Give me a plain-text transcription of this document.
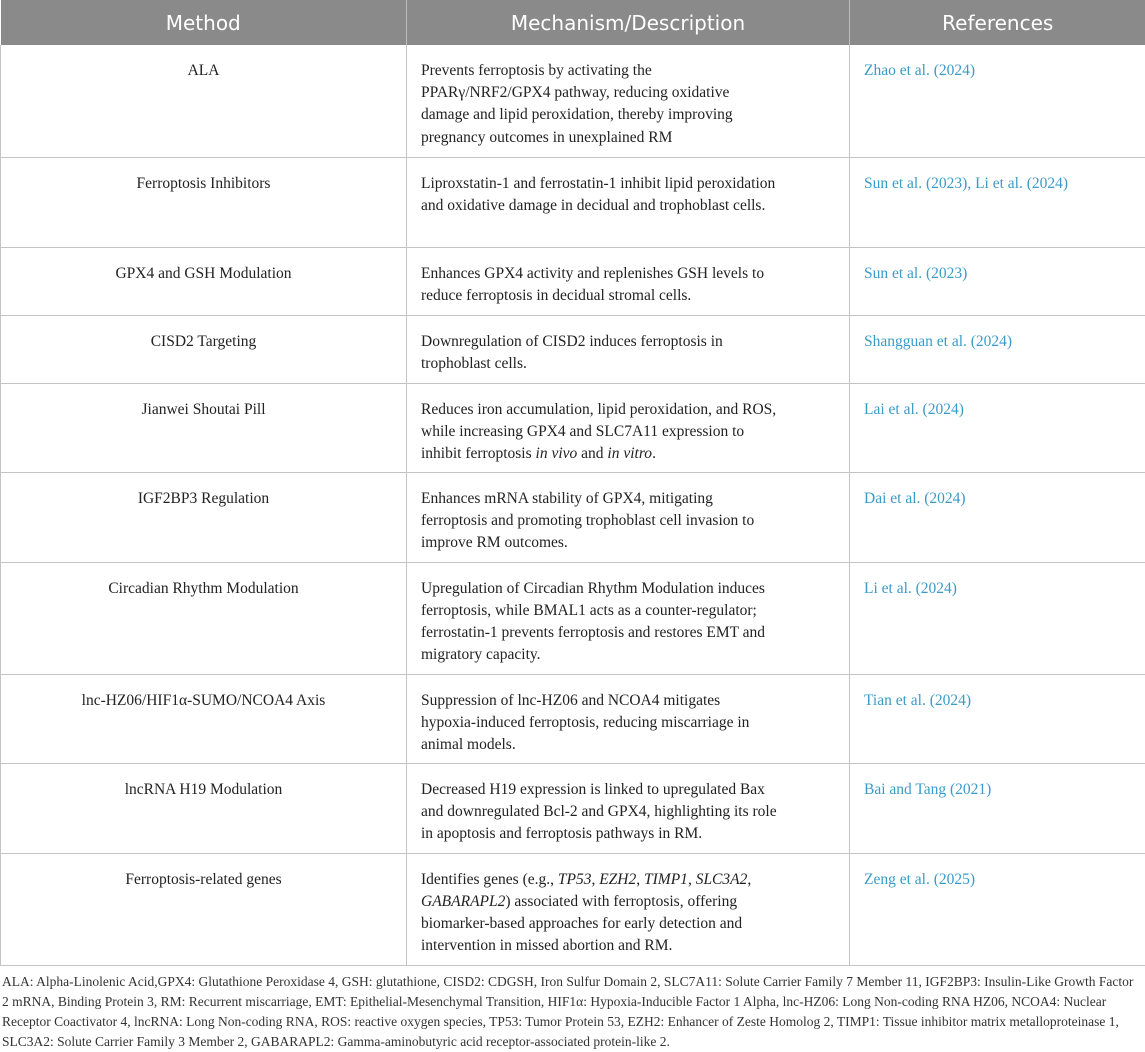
Method	Mechanism/Description	References
ALA	Prevents ferroptosis by activating the PPARγ/NRF2/GPX4 pathway, reducing oxidative damage and lipid peroxidation, thereby improving pregnancy outcomes in unexplained RM	Zhao et al. (2024)
Ferroptosis Inhibitors	Liproxstatin-1 and ferrostatin-1 inhibit lipid peroxidation and oxidative damage in decidual and trophoblast cells.	Sun et al. (2023), Li et al. (2024)
GPX4 and GSH Modulation	Enhances GPX4 activity and replenishes GSH levels to reduce ferroptosis in decidual stromal cells.	Sun et al. (2023)
CISD2 Targeting	Downregulation of CISD2 induces ferroptosis in trophoblast cells.	Shangguan et al. (2024)
Jianwei Shoutai Pill	Reduces iron accumulation, lipid peroxidation, and ROS, while increasing GPX4 and SLC7A11 expression to inhibit ferroptosis in vivo and in vitro.	Lai et al. (2024)
IGF2BP3 Regulation	Enhances mRNA stability of GPX4, mitigating ferroptosis and promoting trophoblast cell invasion to improve RM outcomes.	Dai et al. (2024)
Circadian Rhythm Modulation	Upregulation of Circadian Rhythm Modulation induces ferroptosis, while BMAL1 acts as a counter-regulator; ferrostatin-1 prevents ferroptosis and restores EMT and migratory capacity.	Li et al. (2024)
lnc-HZ06/HIF1α-SUMO/NCOA4 Axis	Suppression of lnc-HZ06 and NCOA4 mitigates hypoxia-induced ferroptosis, reducing miscarriage in animal models.	Tian et al. (2024)
lncRNA H19 Modulation	Decreased H19 expression is linked to upregulated Bax and downregulated Bcl-2 and GPX4, highlighting its role in apoptosis and ferroptosis pathways in RM.	Bai and Tang (2021)
Ferroptosis-related genes	Identifies genes (e.g., TP53, EZH2, TIMP1, SLC3A2, GABARAPL2) associated with ferroptosis, offering biomarker-based approaches for early detection and intervention in missed abortion and RM.	Zeng et al. (2025)
ALA: Alpha-Linolenic Acid,GPX4: Glutathione Peroxidase 4, GSH: glutathione, CISD2: CDGSH, Iron Sulfur Domain 2, SLC7A11: Solute Carrier Family 7 Member 11, IGF2BP3: Insulin-Like Growth Factor 2 mRNA, Binding Protein 3, RM: Recurrent miscarriage, EMT: Epithelial-Mesenchymal Transition, HIF1α: Hypoxia-Inducible Factor 1 Alpha, lnc-HZ06: Long Non-coding RNA HZ06, NCOA4: Nuclear Receptor Coactivator 4, lncRNA: Long Non-coding RNA, ROS: reactive oxygen species, TP53: Tumor Protein 53, EZH2: Enhancer of Zeste Homolog 2, TIMP1: Tissue inhibitor matrix metalloproteinase 1, SLC3A2: Solute Carrier Family 3 Member 2, GABARAPL2: Gamma-aminobutyric acid receptor-associated protein-like 2.
